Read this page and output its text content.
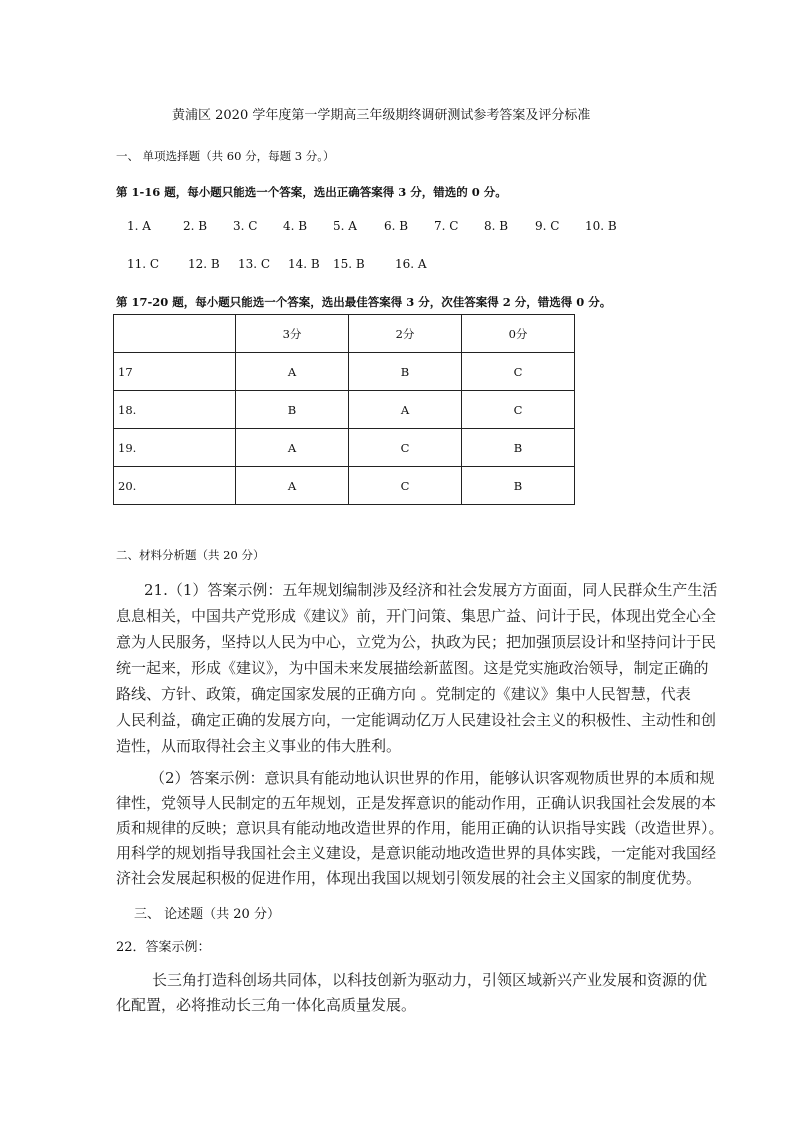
黄浦区 2020 学年度第一学期高三年级期终调研测试参考答案及评分标准
一、 单项选择题（共 60 分，每题 3 分。）
第 1-16 题，每小题只能选一个答案，选出正确答案得 3 分，错选的 0 分。
1. A	2. B 3. C 4. B 5. A 6. B 7. C 8. B 9. C 10. B
11. C 12. B 13. C 14. B 15. B	16. A
第 17-20 题，每小题只能选一个答案，选出最佳答案得 3 分，次佳答案得 2 分，错选得 0 分。
	3分	2分	0分
17	A	B	C
18.	B	A	C
19.	A	C	B
20.	A	C	B
二、材料分析题（共 20 分）
21.（1）答案示例：五年规划编制涉及经济和社会发展方方面面，同人民群众生产生活
息息相关，中国共产党形成《建议》前，开门问策、集思广益、问计于民，体现出党全心全
意为人民服务，坚持以人民为中心，立党为公，执政为民；把加强顶层设计和坚持问计于民
统一起来，形成《建议》，为中国未来发展描绘新蓝图。这是党实施政治领导，制定正确的
路线、方针、政策，确定国家发展的正确方向 。党制定的《建议》集中人民智慧，代表
人民利益，确定正确的发展方向，一定能调动亿万人民建设社会主义的积极性、主动性和创
造性，从而取得社会主义事业的伟大胜利。
（2）答案示例：意识具有能动地认识世界的作用，能够认识客观物质世界的本质和规
律性，党领导人民制定的五年规划，正是发挥意识的能动作用，正确认识我国社会发展的本
质和规律的反映；意识具有能动地改造世界的作用，能用正确的认识指导实践（改造世界）。
用科学的规划指导我国社会主义建设，是意识能动地改造世界的具体实践，一定能对我国经
济社会发展起积极的促进作用，体现出我国以规划引领发展的社会主义国家的制度优势。
三、 论述题（共 20 分）
22．答案示例：
长三角打造科创场共同体，以科技创新为驱动力，引领区域新兴产业发展和资源的优
化配置，必将推动长三角一体化高质量发展。
